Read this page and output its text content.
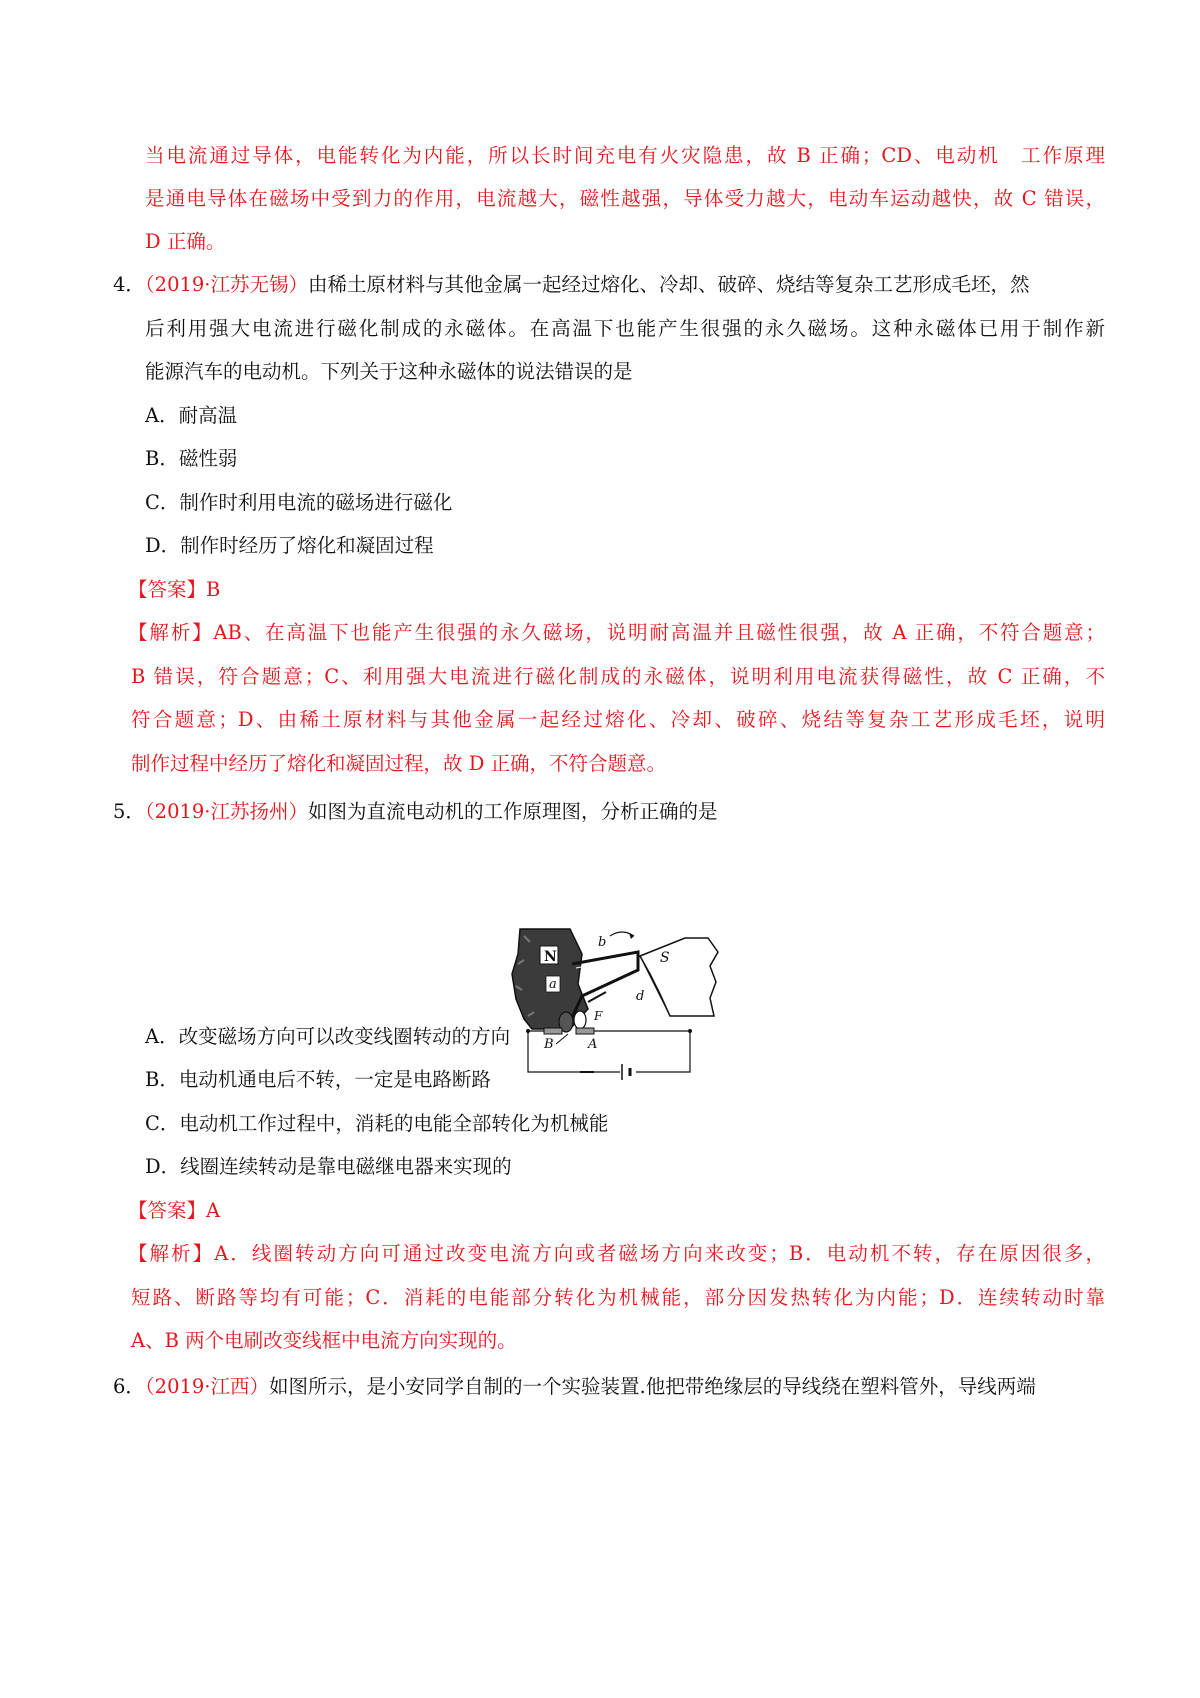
当电流通过导体，电能转化为内能，所以长时间充电有火灾隐患，故 B 正确；CD、电动机　工作原理
是通电导体在磁场中受到力的作用，电流越大，磁性越强，导体受力越大，电动车运动越快，故 C 错误，
D 正确。
4．（2019·江苏无锡）由稀土原材料与其他金属一起经过熔化、冷却、破碎、烧结等复杂工艺形成毛坯，然
后利用强大电流进行磁化制成的永磁体。在高温下也能产生很强的永久磁场。这种永磁体已用于制作新
能源汽车的电动机。下列关于这种永磁体的说法错误的是
A．耐高温
B．磁性弱
C．制作时利用电流的磁场进行磁化
D．制作时经历了熔化和凝固过程
【答案】B
【解析】AB、在高温下也能产生很强的永久磁场，说明耐高温并且磁性很强，故 A 正确，不符合题意；
B 错误，符合题意；C、利用强大电流进行磁化制成的永磁体，说明利用电流获得磁性，故 C 正确，不
符合题意；D、由稀土原材料与其他金属一起经过熔化、冷却、破碎、烧结等复杂工艺形成毛坯，说明
制作过程中经历了熔化和凝固过程，故 D 正确，不符合题意。
5．（2019·江苏扬州）如图为直流电动机的工作原理图，分析正确的是
N
a
S
b
d
F
B	A
A．改变磁场方向可以改变线圈转动的方向
B．电动机通电后不转，一定是电路断路
C．电动机工作过程中，消耗的电能全部转化为机械能
D．线圈连续转动是靠电磁继电器来实现的
【答案】A
【解析】A．线圈转动方向可通过改变电流方向或者磁场方向来改变；B．电动机不转，存在原因很多，
短路、断路等均有可能；C．消耗的电能部分转化为机械能，部分因发热转化为内能；D．连续转动时靠
A、B 两个电刷改变线框中电流方向实现的。
6．（2019·江西）如图所示，是小安同学自制的一个实验装置.他把带绝缘层的导线绕在塑料管外，导线两端
